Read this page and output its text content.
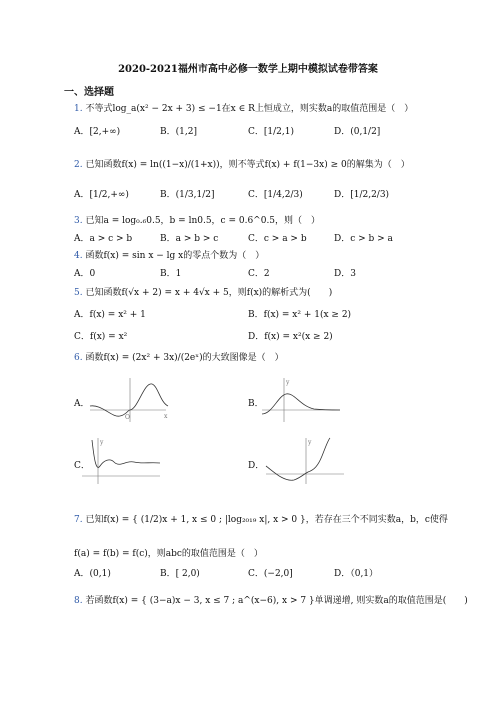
2020-2021福州市高中必修一数学上期中模拟试卷带答案
一、选择题
1. 不等式log_a(x² − 2x + 3) ≤ −1在x ∈ R上恒成立，则实数a的取值范围是（　）
A．[2,+∞)	B．(1,2]	C．[1/2,1)	D．(0,1/2]
2. 已知函数f(x) = ln((1−x)/(1+x))，则不等式f(x) + f(1−3x) ≥ 0的解集为（　）
A．[1/2,+∞)	B．(1/3,1/2]	C．[1/4,2/3)	D．[1/2,2/3)
3. 已知a = log₀.₆0.5，b = ln0.5，c = 0.6^0.5，则（　）
A．a > c > b	B．a > b > c	C．c > a > b	D．c > b > a
4. 函数f(x) = sin x − lg x的零点个数为（　）
A．0	B．1	C．2	D．3
5. 已知函数f(√x + 2) = x + 4√x + 5，则f(x)的解析式为(　　)
A．f(x) = x² + 1	B．f(x) = x² + 1(x ≥ 2)
C．f(x) = x²	D．f(x) = x²(x ≥ 2)
6. 函数f(x) = (2x² + 3x)/(2eˣ)的大致图像是（　）
A．
O	x
B．
y
C．
y
D．
y
7. 已知f(x) = { (1/2)x + 1, x ≤ 0 ; |log₂₀₁₉ x|, x > 0 }，若存在三个不同实数a，b，c使得
f(a) = f(b) = f(c)，则abc的取值范围是（　）
A．(0,1)	B．[ 2,0)	C．(−2,0]	D．（0,1）
8. 若函数f(x) = { (3−a)x − 3, x ≤ 7 ; a^(x−6), x > 7 }单调递增, 则实数a的取值范围是(　　)
